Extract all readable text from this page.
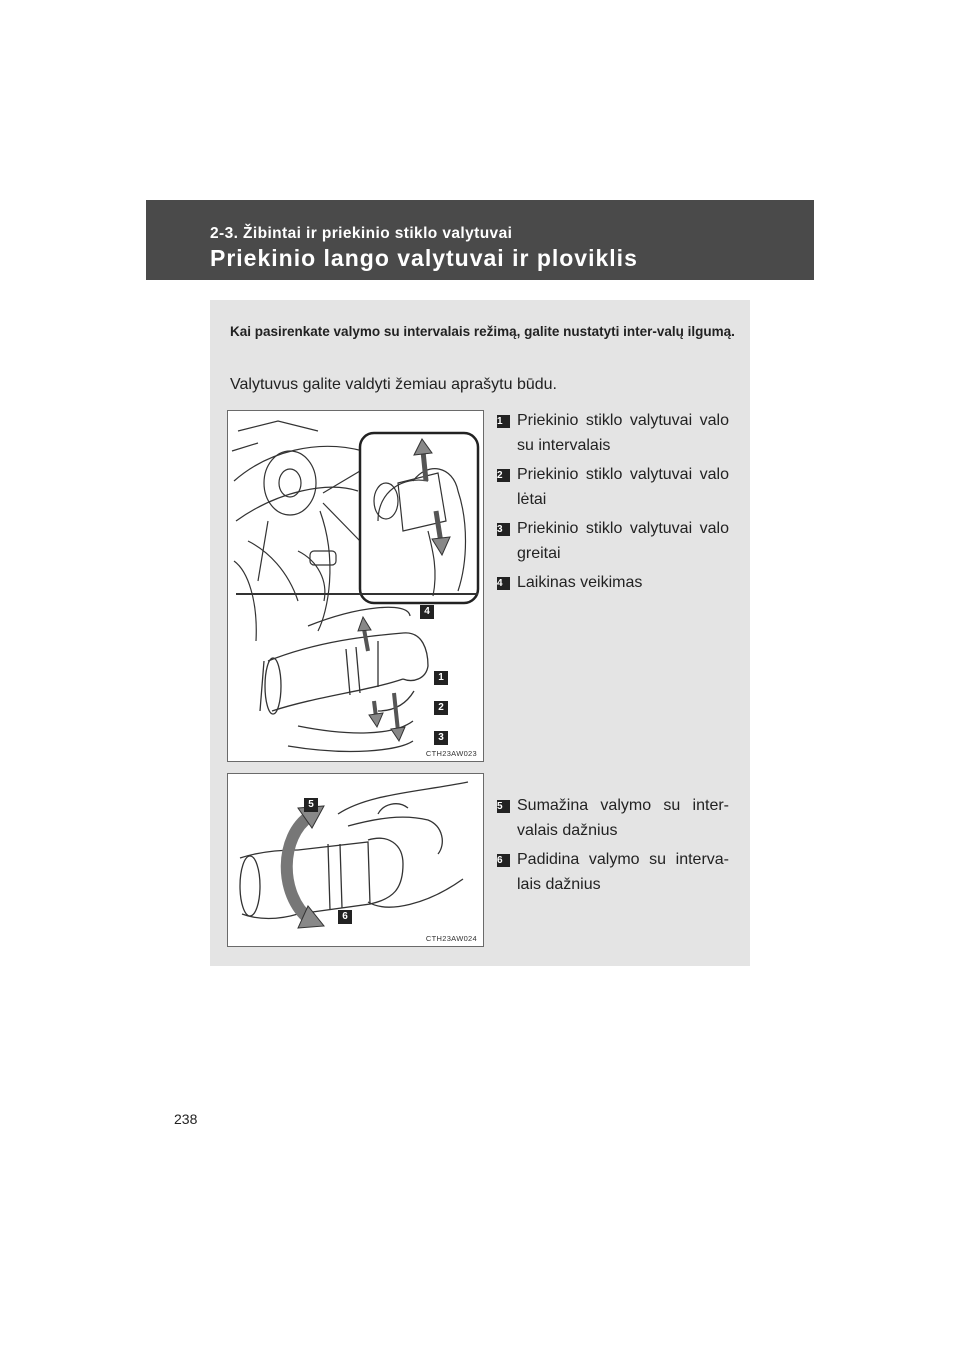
2-3. Žibintai ir priekinio stiklo valytuvai
Priekinio lango valytuvai ir ploviklis
Kai pasirenkate valymo su intervalais režimą, galite nustatyti inter-valų ilgumą.
Valytuvus galite valdyti žemiau aprašytu būdu.
4
1
2
3
CTH23AW023
1 Priekinio stiklo valytuvai valo su intervalais
2 Priekinio stiklo valytuvai valo lėtai
3 Priekinio stiklo valytuvai valo greitai
4 Laikinas veikimas
5
6
CTH23AW024
5 Sumažina valymo su inter-valais dažnius
6 Padidina valymo su interva-lais dažnius
238
